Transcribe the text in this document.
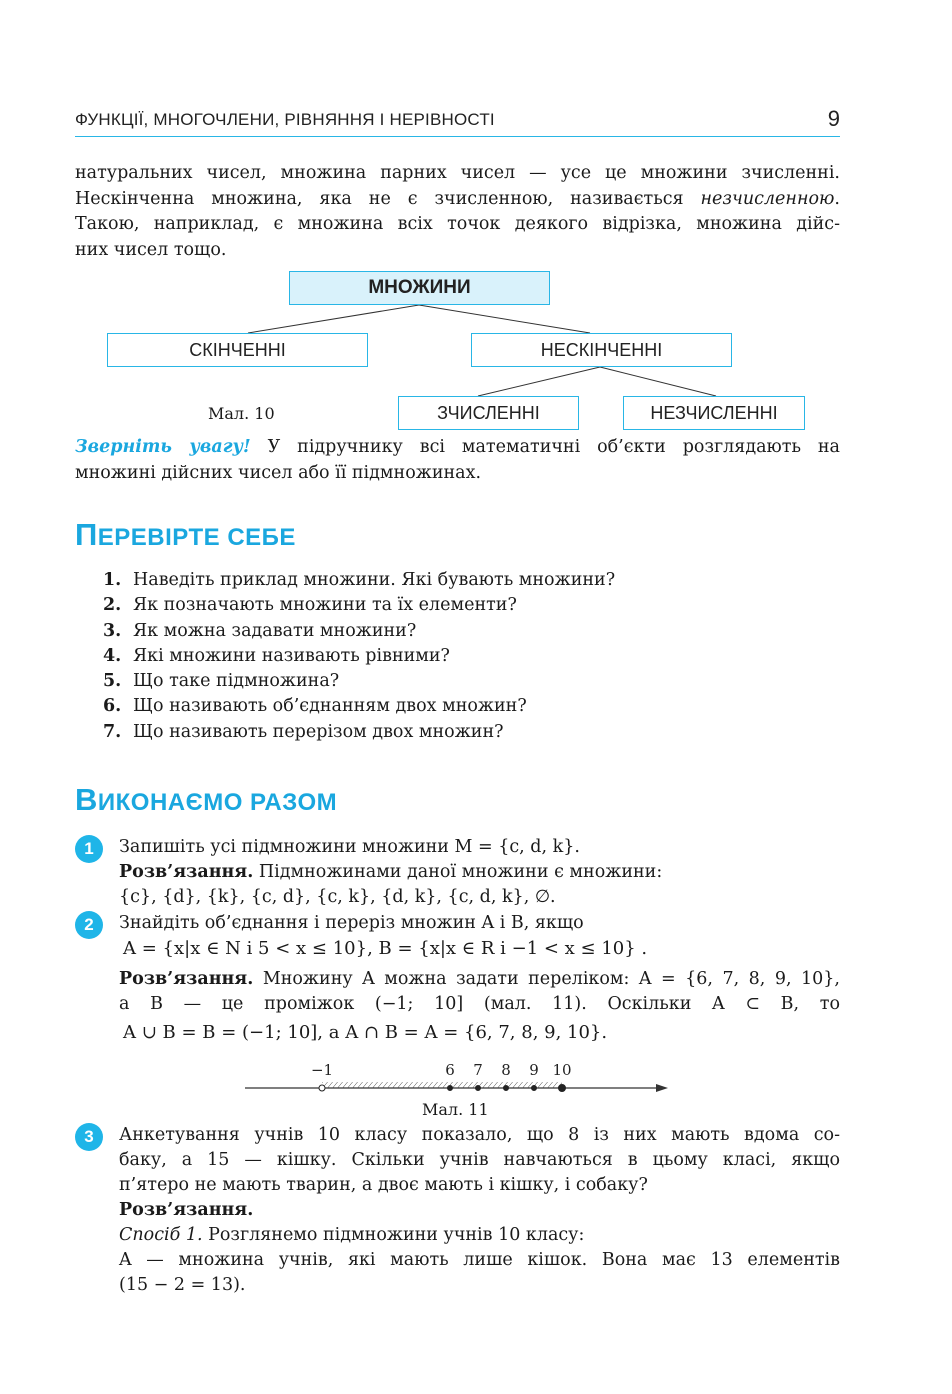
ФУНКЦІЇ, МНОГОЧЛЕНИ, РІВНЯННЯ І НЕРІВНОСТІ	9
натуральних чисел, множина парних чисел — усе це множини зчисленні.
Нескінченна множина, яка не є зчисленною, називається незчисленною.
Такою, наприклад, є множина всіх точок деякого відрізка, множина дійс-
них чисел тощо.
МНОЖИНИ
СКІНЧЕННІ	НЕСКІНЧЕННІ
ЗЧИСЛЕННІ	НЕЗЧИСЛЕННІ
Мал. 10
Зверніть увагу! У підручнику всі математичні об’єкти розглядають на
множині дійсних чисел або її підмножинах.
ПЕРЕВІРТЕ СЕБЕ
1. Наведіть приклад множини. Які бувають множини?
2. Як позначають множини та їх елементи?
3. Як можна задавати множини?
4. Які множини називають рівними?
5. Що таке підмножина?
6. Що називають об’єднанням двох множин?
7. Що називають перерізом двох множин?
ВИКОНАЄМО РАЗОМ
1	Запишіть усі підмножини множини M = {c, d, k}.
Розв’язання. Підмножинами даної множини є множини:
{c}, {d}, {k}, {c, d}, {c, k}, {d, k}, {c, d, k}, ∅.
2	Знайдіть об’єднання і переріз множин A і B, якщо
A = {x|x ∈ N і 5 < x ≤ 10}, B = {x|x ∈ R і −1 < x ≤ 10} .
Розв’язання. Множину A можна задати переліком: A = {6, 7, 8, 9, 10},
а B — це проміжок (−1; 10] (мал. 11). Оскільки A ⊂ B, то
A ∪ B = B = (−1; 10], а A ∩ B = A = {6, 7, 8, 9, 10}.
−1	6 7 8 9 10
Мал. 11
3	Анкетування учнів 10 класу показало, що 8 із них мають вдома со-
баку, а 15 — кішку. Скільки учнів навчаються в цьому класі, якщо
п’ятеро не мають тварин, а двоє мають і кішку, і собаку?
Розв’язання.
Спосіб 1. Розглянемо підмножини учнів 10 класу:
A — множина учнів, які мають лише кішок. Вона має 13 елементів
(15 − 2 = 13).
